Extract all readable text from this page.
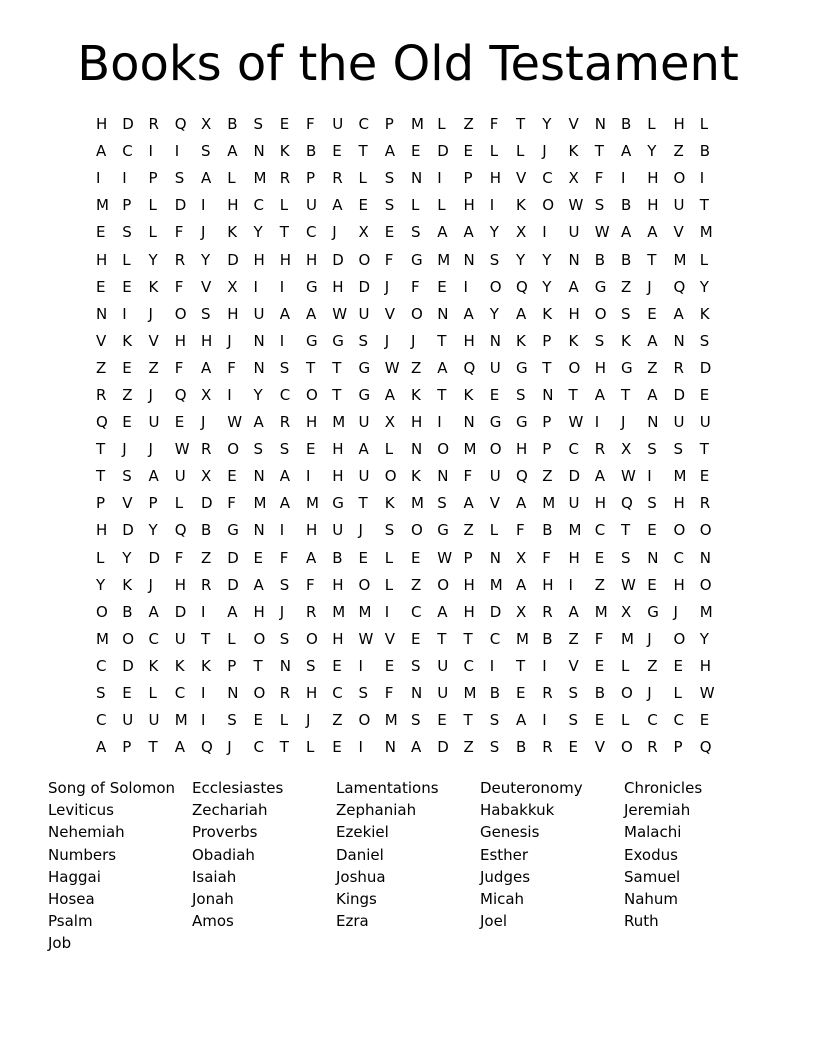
Books of the Old Testament
H D R	Q X	B	S	E	F	U	C	P	M L	Z	F	T	Y	V	N	B	L	H L
A	C	I	I	S	A	N	K	B	E	T	A	E	D E	L	L	J	K	T	A	Y	Z	B
I	I	P	S	A	L	M R	P	R	L	S	N	I	P	H V	C	X	F	I	H O I
M P	L	D I	H C	L	U	A	E	S	L	L	H I	K	O W S	B	H U	T
E	S	L	F	J	K	Y	T	C	J	X	E	S	A	A	Y	X	I	U	W A	A	V	M
H L	Y	R	Y	D H H H D O F	G M N	S	Y	Y	N	B	B	T	M L
E	E	K	F	V	X	I	I	G H D J	F	E	I	O Q Y	A	G Z	J	Q Y
N	I	J	O S	H U	A	A	W U	V	O N	A	Y	A	K	H O S	E	A	K
V	K	V	H H J	N	I	G G S	J	J	T	H N	K	P	K	S	K	A	N	S
Z	E	Z	F	A	F	N	S	T	T	G W Z	A	Q U	G T	O H G Z	R	D
R	Z	J	Q X	I	Y	C	O T	G A	K	T	K	E	S	N	T	A	T	A	D E
Q E	U	E	J	W A	R	H M U	X	H I	N	G G P	W I	J	N	U	U
T	J	J	W R	O S	S	E	H A	L	N	O M O H P	C	R	X	S	S	T
T	S	A	U	X	E	N	A	I	H U	O K	N	F	U	Q Z	D A	W I	M E
P	V	P	L	D F	M A	M G T	K	M S	A	V	A	M U	H Q S	H R
H D Y	Q B	G N	I	H U	J	S	O G Z	L	F	B	M C	T	E	O O
L	Y	D F	Z	D E	F	A	B	E	L	E	W P	N	X	F	H E	S	N	C	N
Y	K	J	H R	D A	S	F	H O L	Z	O H M A	H I	Z	W E	H O
O B	A	D I	A	H J	R	M M I	C	A	H D X	R	A	M X	G J	M
M O C	U	T	L	O S	O H W V	E	T	T	C	M B	Z	F	M J	O Y
C	D K	K	K	P	T	N	S	E	I	E	S	U	C	I	T	I	V	E	L	Z	E	H
S	E	L	C	I	N	O R	H C	S	F	N	U	M B	E	R	S	B	O J	L	W
C	U	U	M I	S	E	L	J	Z	O M S	E	T	S	A	I	S	E	L	C	C	E
A	P	T	A	Q J	C	T	L	E	I	N	A	D Z	S	B	R	E	V	O R	P	Q
Song of Solomon	Ecclesiastes	Lamentations	Deuteronomy	Chronicles
Leviticus	Zechariah	Zephaniah	Habakkuk	Jeremiah
Nehemiah	Proverbs	Ezekiel	Genesis	Malachi
Numbers	Obadiah	Daniel	Esther	Exodus
Haggai	Isaiah	Joshua	Judges	Samuel
Hosea	Jonah	Kings	Micah	Nahum
Psalm	Amos	Ezra	Joel	Ruth
Job
